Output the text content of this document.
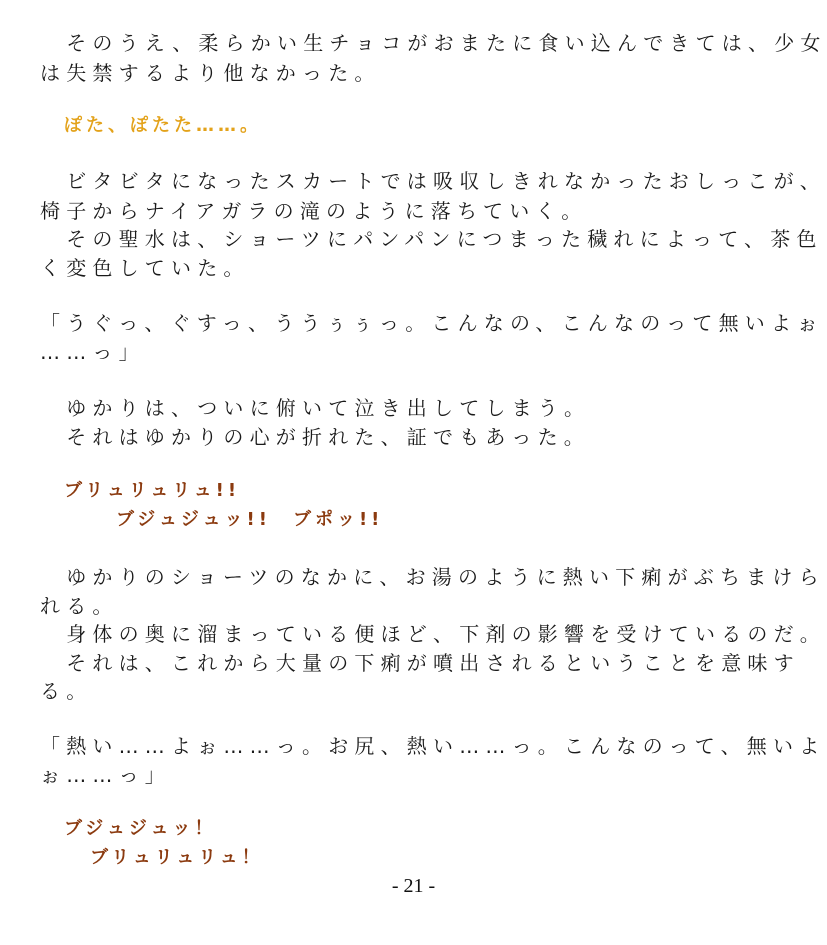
　そのうえ、柔らかい生チョコがおまたに食い込んできては、少女
は失禁するより他なかった。
ぽた、ぽたた……。
　ビタビタになったスカートでは吸収しきれなかったおしっこが、
椅子からナイアガラの滝のように落ちていく。
　その聖水は、ショーツにパンパンにつまった穢れによって、茶色
く変色していた。
「うぐっ、ぐすっ、ううぅぅっ。こんなの、こんなのって無いよぉ
……っ」
　ゆかりは、ついに俯いて泣き出してしまう。
　それはゆかりの心が折れた、証でもあった。
ブリュリュリュ!!
ブジュジュッ!!　ブポッ!!
　ゆかりのショーツのなかに、お湯のように熱い下痢がぶちまけら
れる。
　身体の奥に溜まっている便ほど、下剤の影響を受けているのだ。
　それは、これから大量の下痢が噴出されるということを意味す
る。
「熱い……よぉ……っ。お尻、熱い……っ。こんなのって、無いよ
ぉ……っ」
ブジュジュッ！
ブリュリュリュ！
- 21 -
